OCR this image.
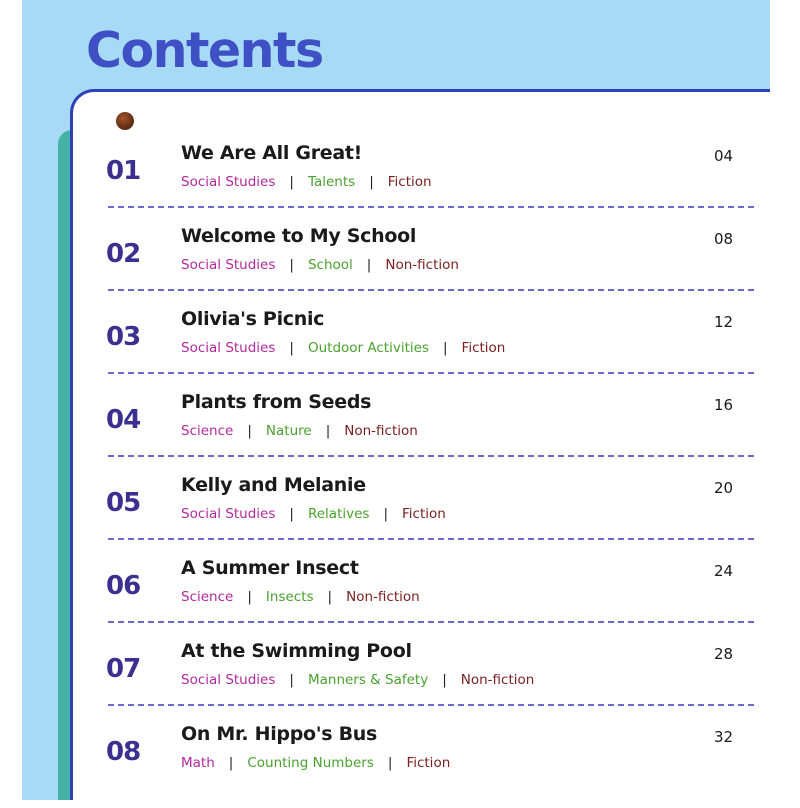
Contents
01
We Are All Great!
Social Studies | Talents | Fiction
04
02
Welcome to My School
Social Studies | School | Non-fiction
08
03
Olivia's Picnic
Social Studies | Outdoor Activities | Fiction
12
04
Plants from Seeds
Science | Nature | Non-fiction
16
05
Kelly and Melanie
Social Studies | Relatives | Fiction
20
06
A Summer Insect
Science | Insects | Non-fiction
24
07
At the Swimming Pool
Social Studies | Manners & Safety | Non-fiction
28
08
On Mr. Hippo's Bus
Math | Counting Numbers | Fiction
32
